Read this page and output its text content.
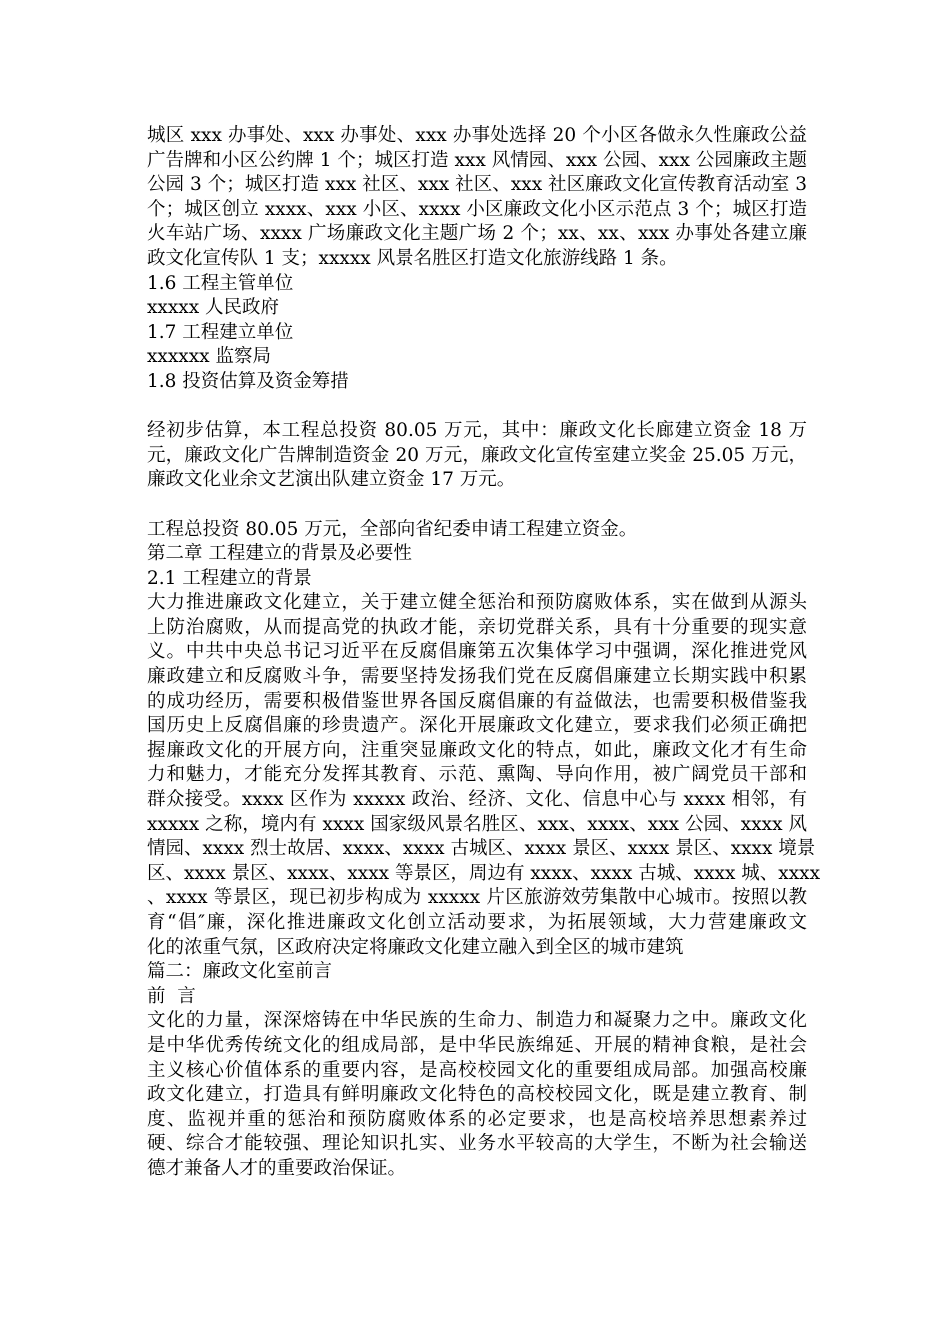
城区 xxx 办事处、xxx 办事处、xxx 办事处选择 20 个小区各做永久性廉政公益
广告牌和小区公约牌 1 个；城区打造 xxx 风情园、xxx 公园、xxx 公园廉政主题
公园 3 个；城区打造 xxx 社区、xxx 社区、xxx 社区廉政文化宣传教育活动室 3
个；城区创立 xxxx、xxx 小区、xxxx 小区廉政文化小区示范点 3 个；城区打造
火车站广场、xxxx 广场廉政文化主题广场 2 个；xx、xx、xxx 办事处各建立廉
政文化宣传队 1 支；xxxxx 风景名胜区打造文化旅游线路 1 条。
1.6 工程主管单位
xxxxx 人民政府
1.7 工程建立单位
xxxxxx 监察局
1.8 投资估算及资金筹措
经初步估算，本工程总投资 80.05 万元，其中：廉政文化长廊建立资金 18 万
元，廉政文化广告牌制造资金 20 万元，廉政文化宣传室建立奖金 25.05 万元，
廉政文化业余文艺演出队建立资金 17 万元。
工程总投资 80.05 万元，全部向省纪委申请工程建立资金。
第二章 工程建立的背景及必要性
2.1 工程建立的背景
大力推进廉政文化建立，关于建立健全惩治和预防腐败体系，实在做到从源头
上防治腐败，从而提高党的执政才能，亲切党群关系，具有十分重要的现实意
义。中共中央总书记习近平在反腐倡廉第五次集体学习中强调，深化推进党风
廉政建立和反腐败斗争，需要坚持发扬我们党在反腐倡廉建立长期实践中积累
的成功经历，需要积极借鉴世界各国反腐倡廉的有益做法，也需要积极借鉴我
国历史上反腐倡廉的珍贵遗产。深化开展廉政文化建立，要求我们必须正确把
握廉政文化的开展方向，注重突显廉政文化的特点，如此，廉政文化才有生命
力和魅力，才能充分发挥其教育、示范、熏陶、导向作用，被广阔党员干部和
群众接受。xxxx 区作为 xxxxx 政治、经济、文化、信息中心与 xxxx 相邻，有
xxxxx 之称，境内有 xxxx 国家级风景名胜区、xxx、xxxx、xxx 公园、xxxx 风
情园、xxxx 烈士故居、xxxx、xxxx 古城区、xxxx 景区、xxxx 景区、xxxx 境景
区、xxxx 景区、xxxx、xxxx 等景区，周边有 xxxx、xxxx 古城、xxxx 城、xxxx
、xxxx 等景区，现已初步构成为 xxxxx 片区旅游效劳集散中心城市。按照以教
育“倡″廉，深化推进廉政文化创立活动要求，为拓展领域，大力营建廉政文
化的浓重气氛，区政府决定将廉政文化建立融入到全区的城市建筑
篇二：廉政文化室前言
前  言
文化的力量，深深熔铸在中华民族的生命力、制造力和凝聚力之中。廉政文化
是中华优秀传统文化的组成局部，是中华民族绵延、开展的精神食粮，是社会
主义核心价值体系的重要内容，是高校校园文化的重要组成局部。加强高校廉
政文化建立，打造具有鲜明廉政文化特色的高校校园文化，既是建立教育、制
度、监视并重的惩治和预防腐败体系的必定要求，也是高校培养思想素养过
硬、综合才能较强、理论知识扎实、业务水平较高的大学生，不断为社会输送
德才兼备人才的重要政治保证。
